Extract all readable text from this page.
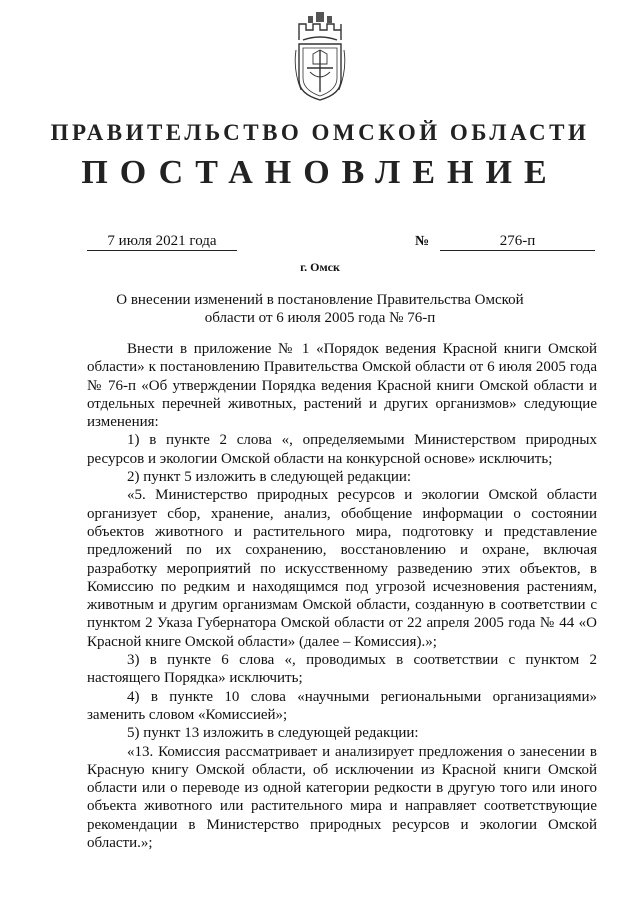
ПРАВИТЕЛЬСТВО ОМСКОЙ ОБЛАСТИ
ПОСТАНОВЛЕНИЕ
7 июля 2021 года	№	276-п
г. Омск
О внесении изменений в постановление Правительства Омской области от 6 июля 2005 года № 76-п

Внести в приложение № 1 «Порядок ведения Красной книги Омской области» к постановлению Правительства Омской области от 6 июля 2005 года № 76-п «Об утверждении Порядка ведения Красной книги Омской области и отдельных перечней животных, растений и других организмов» следующие изменения:

1) в пункте 2 слова «, определяемыми Министерством природных ресурсов и экологии Омской области на конкурсной основе» исключить;

2) пункт 5 изложить в следующей редакции:

«5. Министерство природных ресурсов и экологии Омской области организует сбор, хранение, анализ, обобщение информации о состоянии объектов животного и растительного мира, подготовку и представление предложений по их сохранению, восстановлению и охране, включая разработку мероприятий по искусственному разведению этих объектов, в Комиссию по редким и находящимся под угрозой исчезновения растениям, животным и другим организмам Омской области, созданную в соответствии с пунктом 2 Указа Губернатора Омской области от 22 апреля 2005 года № 44 «О Красной книге Омской области» (далее – Комиссия).»;

3) в пункте 6 слова «, проводимых в соответствии с пунктом 2 настоящего Порядка» исключить;

4) в пункте 10 слова «научными региональными организациями» заменить словом «Комиссией»;

5) пункт 13 изложить в следующей редакции:

«13. Комиссия рассматривает и анализирует предложения о занесении в Красную книгу Омской области, об исключении из Красной книги Омской области или о переводе из одной категории редкости в другую того или иного объекта животного или растительного мира и направляет соответствующие рекомендации в Министерство природных ресурсов и экологии Омской области.»;
